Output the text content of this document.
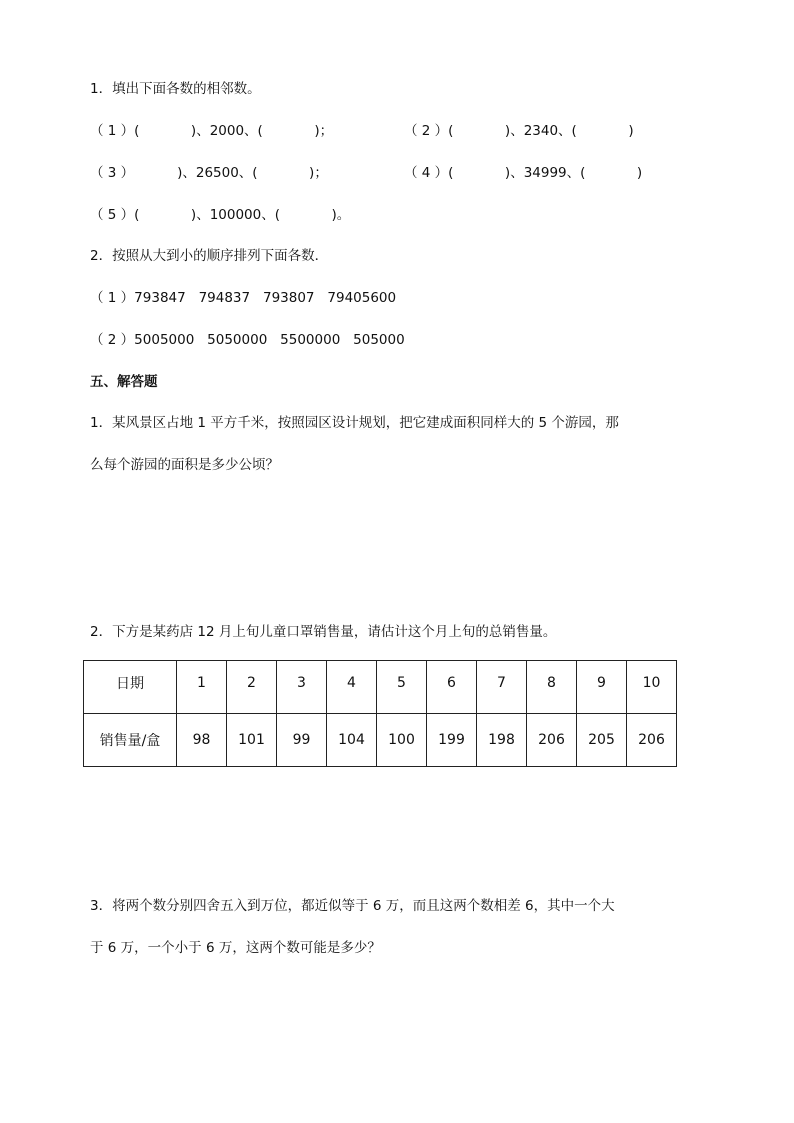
1．填出下面各数的相邻数。
（ 1 ）(            )、2000、(            )；	（ 2 ）(            )、2340、(            )
（ 3 ）          )、26500、(            )；	（ 4 ）(            )、34999、(            )
（ 5 ）(            )、100000、(            )。
2．按照从大到小的顺序排列下面各数．
（ 1 ）793847   794837   793807   79405600
（ 2 ）5005000   5050000   5500000   505000
五、解答题
1．某风景区占地 1 平方千米，按照园区设计规划，把它建成面积同样大的 5 个游园，那
么每个游园的面积是多少公顷？
2．下方是某药店 12 月上旬儿童口罩销售量，请估计这个月上旬的总销售量。
日期	1	2	3	4	5	6	7	8	9	10
销售量/盒	98	101	99	104	100	199	198	206	205	206
3．将两个数分别四舍五入到万位，都近似等于 6 万，而且这两个数相差 6，其中一个大
于 6 万，一个小于 6 万，这两个数可能是多少？
